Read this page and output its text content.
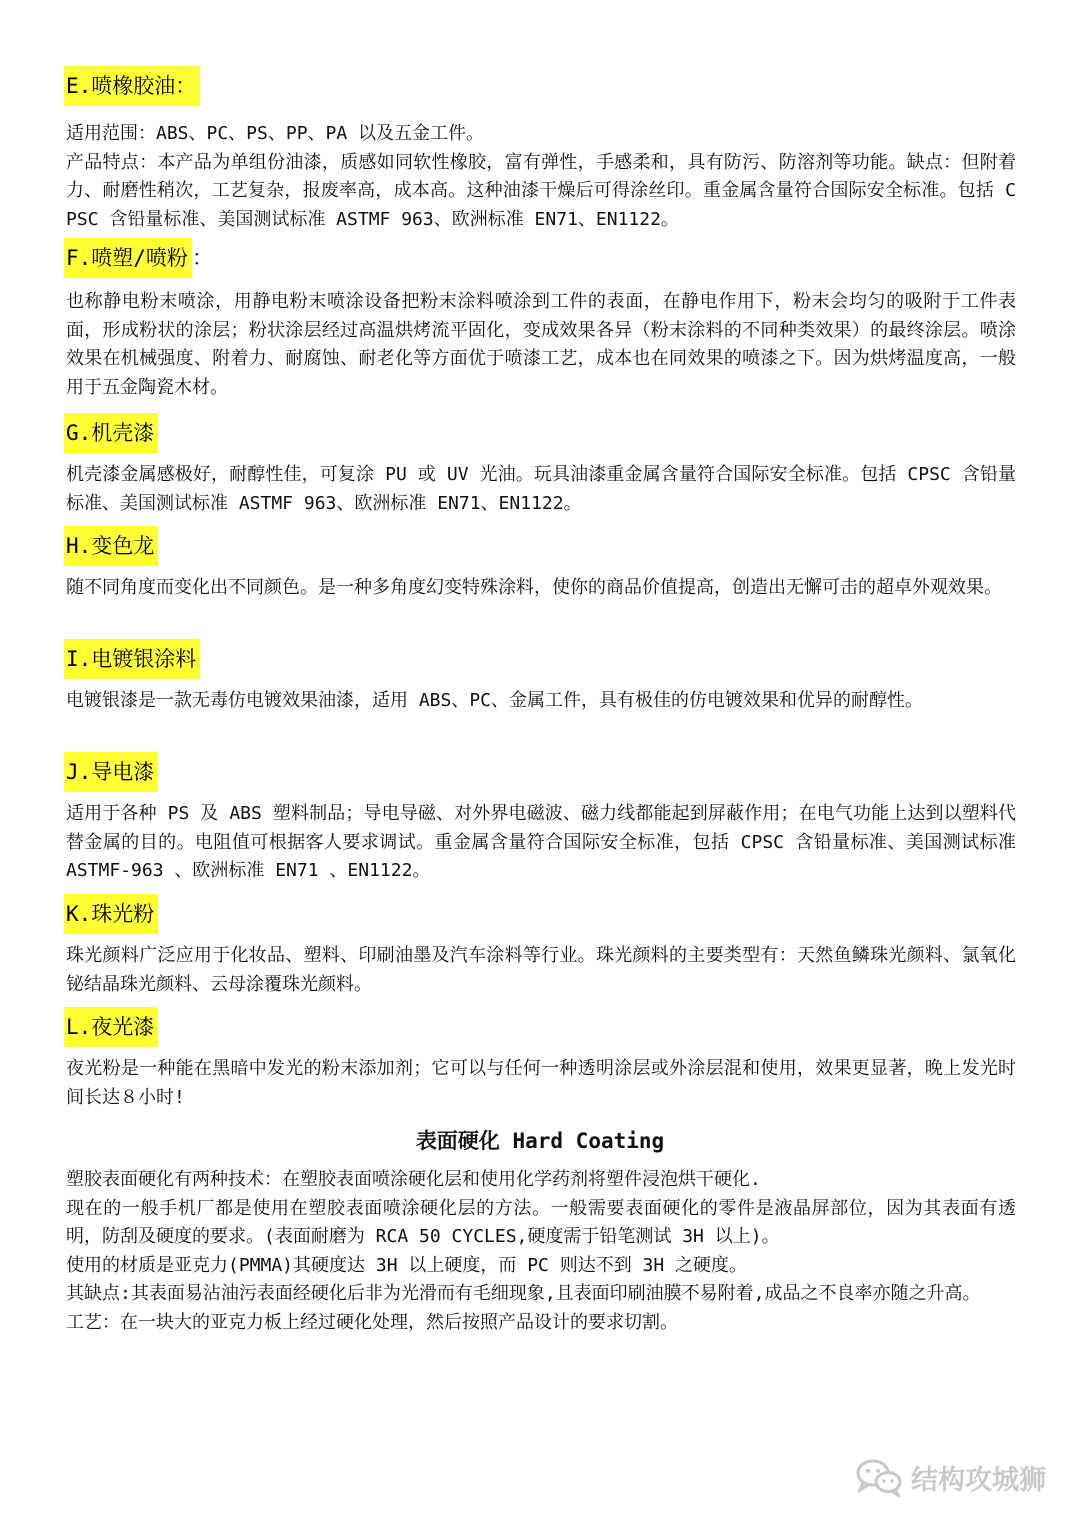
E.喷橡胶油：

适用范围：ABS、PC、PS、PP、PA 以及五金工件。

产品特点：本产品为单组份油漆，质感如同软性橡胶，富有弹性，手感柔和，具有防污、防溶剂等功能。缺点：但附着力、耐磨性稍次，工艺复杂，报废率高，成本高。这种油漆干燥后可得涂丝印。重金属含量符合国际安全标准。包括 CPSC 含铅量标准、美国测试标准 ASTMF 963、欧洲标准 EN71、EN1122。

F.喷塑/喷粉 ：

也称静电粉末喷涂，用静电粉末喷涂设备把粉末涂料喷涂到工件的表面，在静电作用下，粉末会均匀的吸附于工件表面，形成粉状的涂层；粉状涂层经过高温烘烤流平固化，变成效果各异（粉末涂料的不同种类效果）的最终涂层。喷涂效果在机械强度、附着力、耐腐蚀、耐老化等方面优于喷漆工艺，成本也在同效果的喷漆之下。因为烘烤温度高，一般用于五金陶瓷木材。

G.机壳漆

机壳漆金属感极好，耐醇性佳，可复涂 PU 或 UV 光油。玩具油漆重金属含量符合国际安全标准。包括 CPSC 含铅量标准、美国测试标准 ASTMF 963、欧洲标准 EN71、EN1122。

H.变色龙

随不同角度而变化出不同颜色。是一种多角度幻变特殊涂料，使你的商品价值提高，创造出无懈可击的超卓外观效果。

I.电镀银涂料

电镀银漆是一款无毒仿电镀效果油漆，适用 ABS、PC、金属工件，具有极佳的仿电镀效果和优异的耐醇性。

J.导电漆

适用于各种 PS 及 ABS 塑料制品；导电导磁、对外界电磁波、磁力线都能起到屏蔽作用；在电气功能上达到以塑料代替金属的目的。电阻值可根据客人要求调试。重金属含量符合国际安全标准，包括 CPSC 含铅量标准、美国测试标准 ASTMF-963 、欧洲标准 EN71 、EN1122。

K.珠光粉

珠光颜料广泛应用于化妆品、塑料、印刷油墨及汽车涂料等行业。珠光颜料的主要类型有：天然鱼鳞珠光颜料、氯氧化铋结晶珠光颜料、云母涂覆珠光颜料。

L.夜光漆

夜光粉是一种能在黑暗中发光的粉末添加剂；它可以与任何一种透明涂层或外涂层混和使用，效果更显著，晚上发光时间长达８小时!

表面硬化 Hard Coating

塑胶表面硬化有两种技术：在塑胶表面喷涂硬化层和使用化学药剂将塑件浸泡烘干硬化.

现在的一般手机厂都是使用在塑胶表面喷涂硬化层的方法。一般需要表面硬化的零件是液晶屏部位，因为其表面有透明，防刮及硬度的要求。(表面耐磨为 RCA 50 CYCLES,硬度需于铅笔测试 3H 以上)。

使用的材质是亚克力(PMMA)其硬度达 3H 以上硬度，而 PC 则达不到 3H 之硬度。

其缺点:其表面易沾油污表面经硬化后非为光滑而有毛细现象,且表面印刷油膜不易附着,成品之不良率亦随之升高。

工艺：在一块大的亚克力板上经过硬化处理，然后按照产品设计的要求切割。

结构攻城狮
